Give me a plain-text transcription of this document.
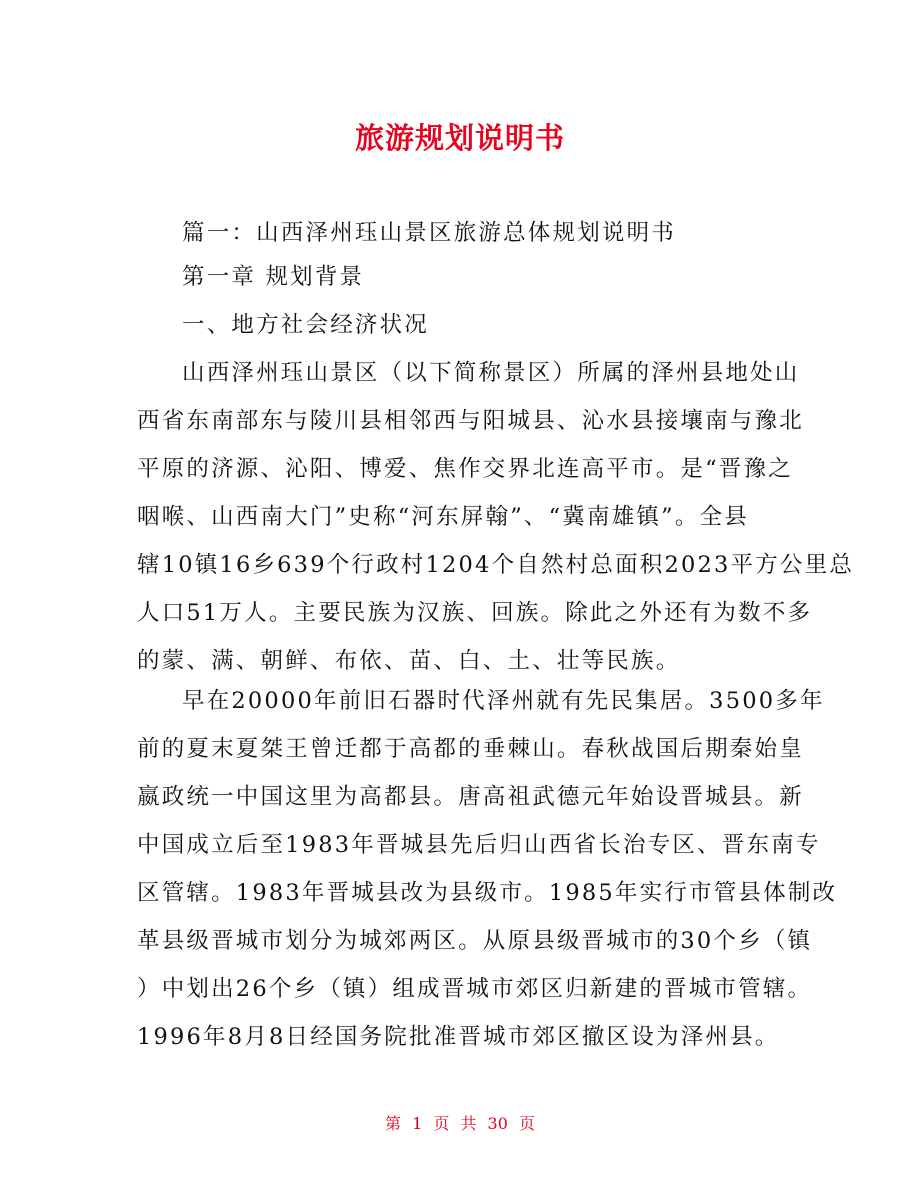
旅游规划说明书

篇一：山西泽州珏山景区旅游总体规划说明书

第一章 规划背景

一、地方社会经济状况

山西泽州珏山景区（以下简称景区）所属的泽州县地处山

西省东南部东与陵川县相邻西与阳城县、沁水县接壤南与豫北

平原的济源、沁阳、博爱、焦作交界北连高平市。是“晋豫之

咽喉、山西南大门”史称“河东屏翰”、“冀南雄镇”。全县

辖10镇16乡639个行政村1204个自然村总面积2023平方公里总

人口51万人。主要民族为汉族、回族。除此之外还有为数不多

的蒙、满、朝鲜、布依、苗、白、土、壮等民族。

早在20000年前旧石器时代泽州就有先民集居。3500多年

前的夏末夏桀王曾迁都于高都的垂棘山。春秋战国后期秦始皇

嬴政统一中国这里为高都县。唐高祖武德元年始设晋城县。新

中国成立后至1983年晋城县先后归山西省长治专区、晋东南专

区管辖。1983年晋城县改为县级市。1985年实行市管县体制改

革县级晋城市划分为城郊两区。从原县级晋城市的30个乡（镇

）中划出26个乡（镇）组成晋城市郊区归新建的晋城市管辖。

1996年8月8日经国务院批准晋城市郊区撤区设为泽州县。

第 1 页 共 30 页
